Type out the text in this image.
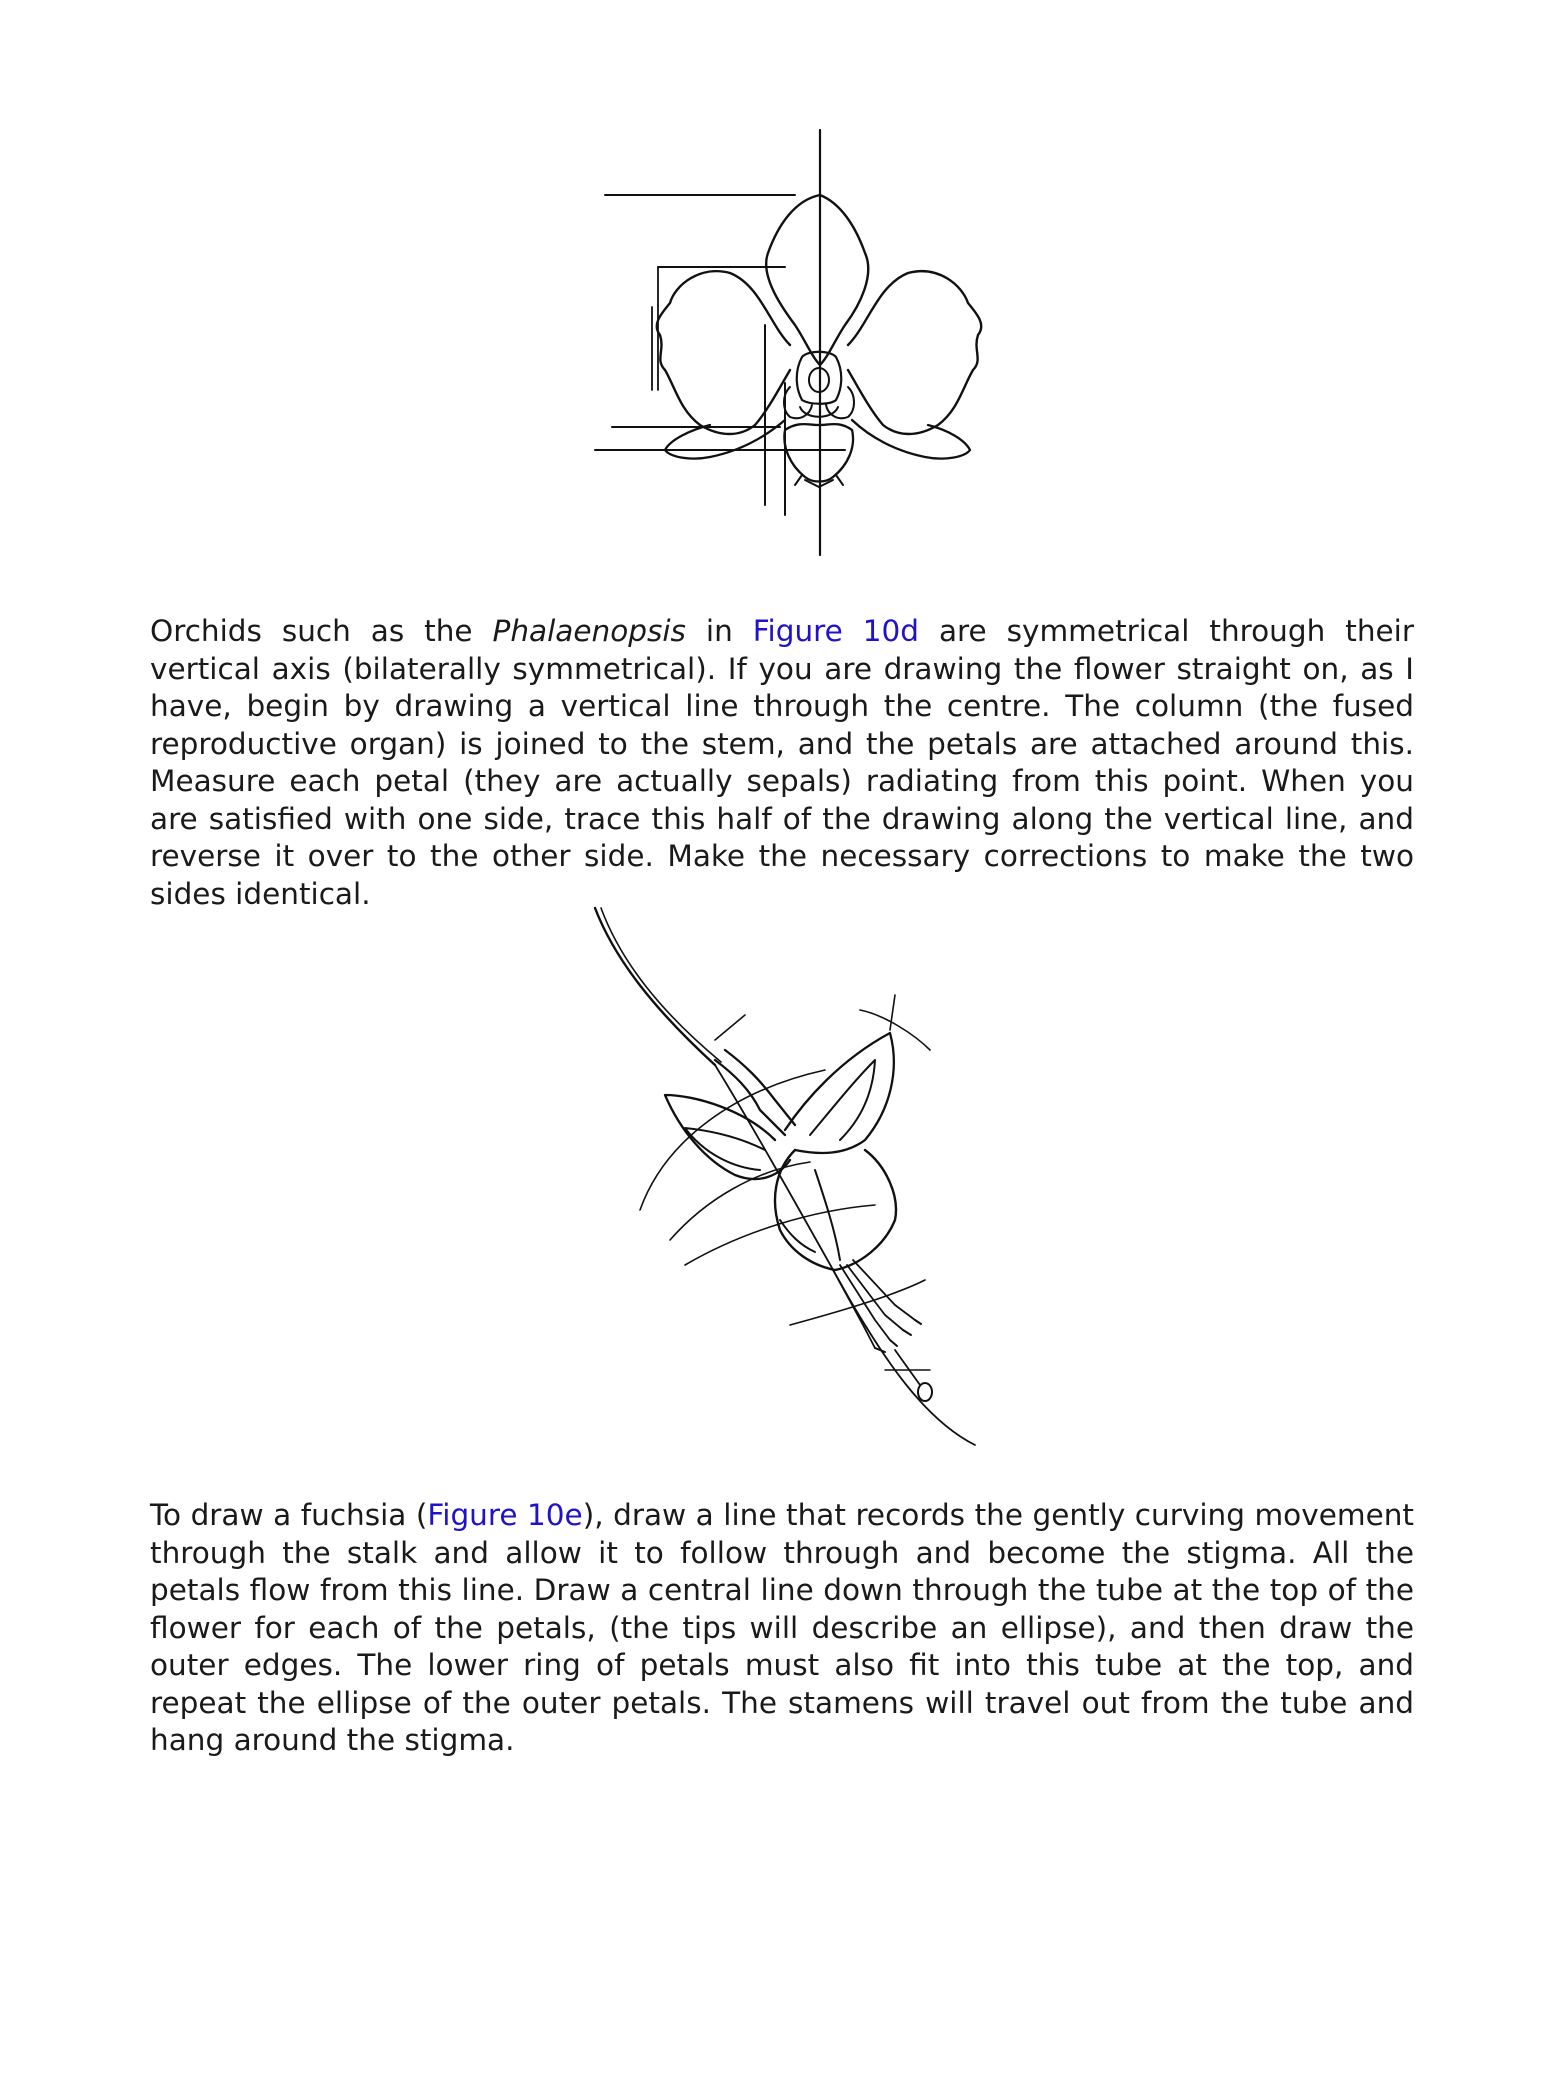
Orchids such as the Phalaenopsis in Figure 10d are symmetrical through their vertical axis (bilaterally symmetrical). If you are drawing the flower straight on, as I have, begin by drawing a vertical line through the centre. The column (the fused reproductive organ) is joined to the stem, and the petals are attached around this. Measure each petal (they are actually sepals) radiating from this point. When you are satisfied with one side, trace this half of the drawing along the vertical line, and reverse it over to the other side. Make the necessary corrections to make the two sides identical.

To draw a fuchsia (Figure 10e), draw a line that records the gently curving movement through the stalk and allow it to follow through and become the stigma. All the petals flow from this line. Draw a central line down through the tube at the top of the flower for each of the petals, (the tips will describe an ellipse), and then draw the outer edges. The lower ring of petals must also fit into this tube at the top, and repeat the ellipse of the outer petals. The stamens will travel out from the tube and hang around the stigma.
